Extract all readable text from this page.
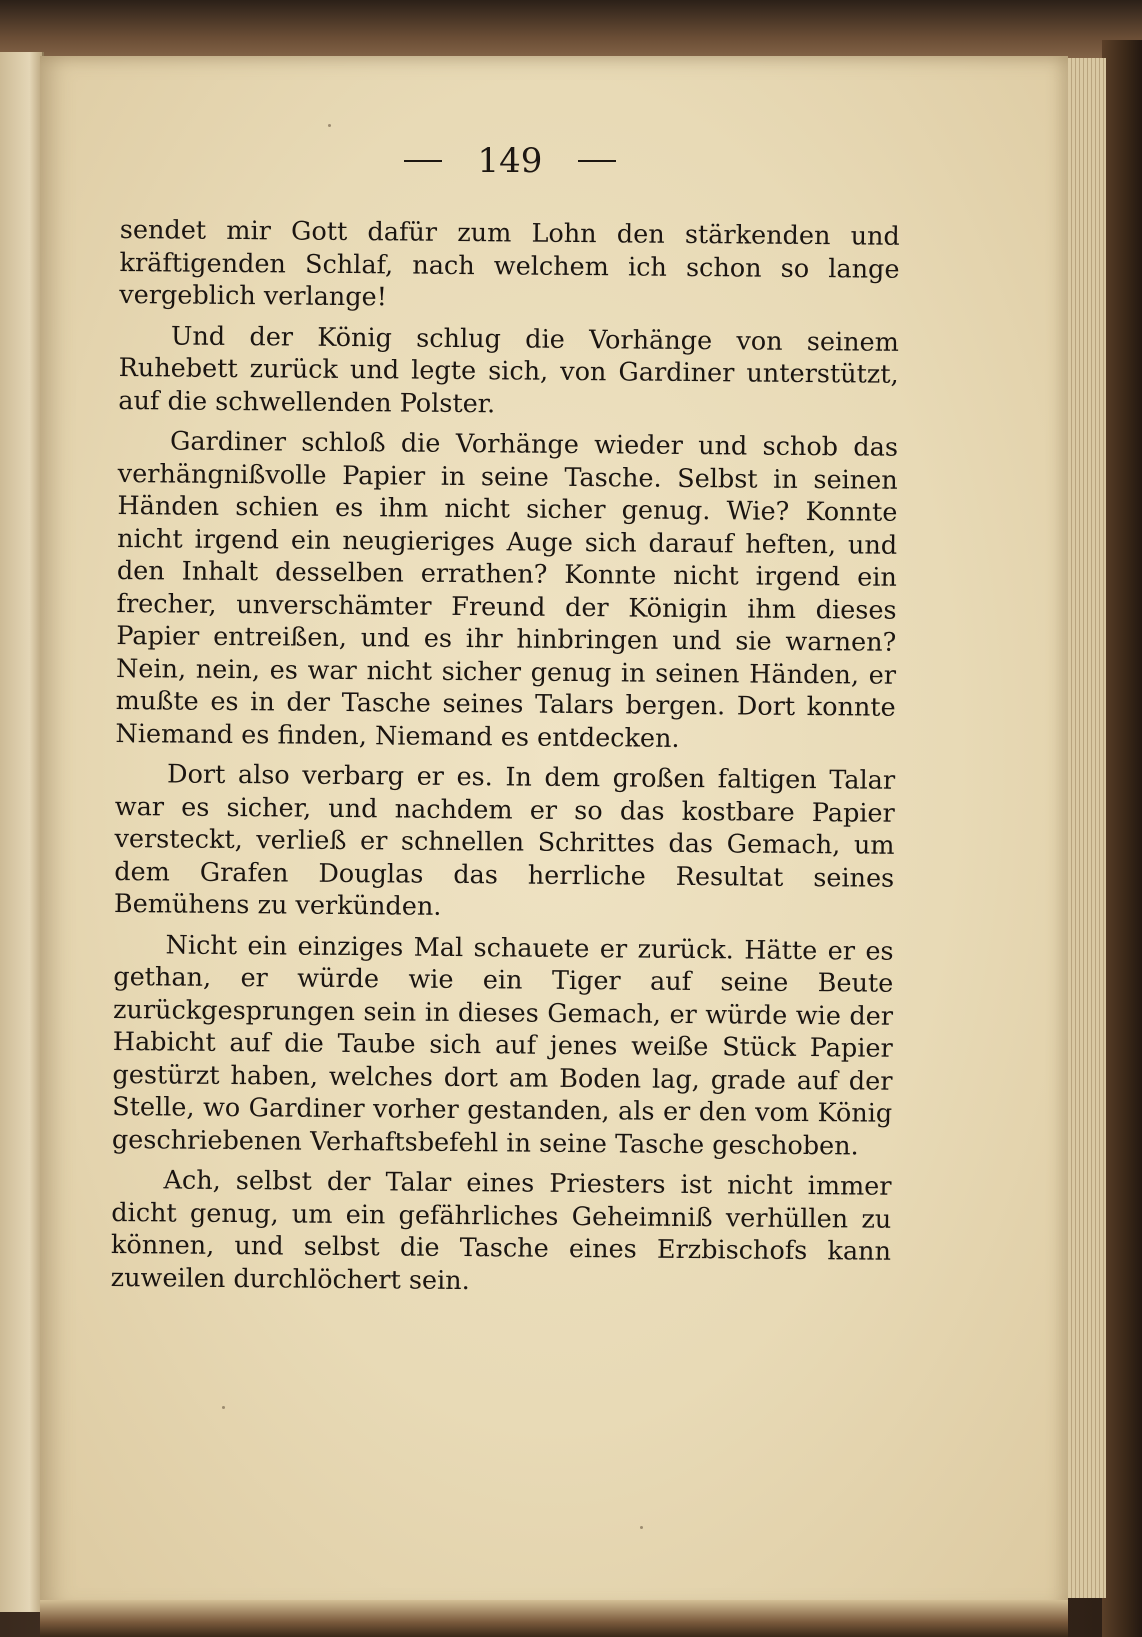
149

sendet mir Gott dafür zum Lohn den stärkenden und kräftigenden Schlaf, nach welchem ich schon so lange vergeblich verlange!

Und der König schlug die Vorhänge von seinem Ruhebett zurück und legte sich, von Gardiner unterstützt, auf die schwellenden Polster.

Gardiner schloß die Vorhänge wieder und schob das verhängnißvolle Papier in seine Tasche. Selbst in seinen Händen schien es ihm nicht sicher genug. Wie? Konnte nicht irgend ein neugieriges Auge sich darauf heften, und den Inhalt desselben errathen? Konnte nicht irgend ein frecher, unverschämter Freund der Königin ihm dieses Papier entreißen, und es ihr hinbringen und sie warnen? Nein, nein, es war nicht sicher genug in seinen Händen, er mußte es in der Tasche seines Talars bergen. Dort konnte Niemand es finden, Niemand es entdecken.

Dort also verbarg er es. In dem großen faltigen Talar war es sicher, und nachdem er so das kostbare Papier versteckt, verließ er schnellen Schrittes das Gemach, um dem Grafen Douglas das herrliche Resultat seines Bemühens zu verkünden.

Nicht ein einziges Mal schauete er zurück. Hätte er es gethan, er würde wie ein Tiger auf seine Beute zurückgesprungen sein in dieses Gemach, er würde wie der Habicht auf die Taube sich auf jenes weiße Stück Papier gestürzt haben, welches dort am Boden lag, grade auf der Stelle, wo Gardiner vorher gestanden, als er den vom König geschriebenen Verhaftsbefehl in seine Tasche geschoben.

Ach, selbst der Talar eines Priesters ist nicht immer dicht genug, um ein gefährliches Geheimniß verhüllen zu können, und selbst die Tasche eines Erzbischofs kann zuweilen durchlöchert sein.
